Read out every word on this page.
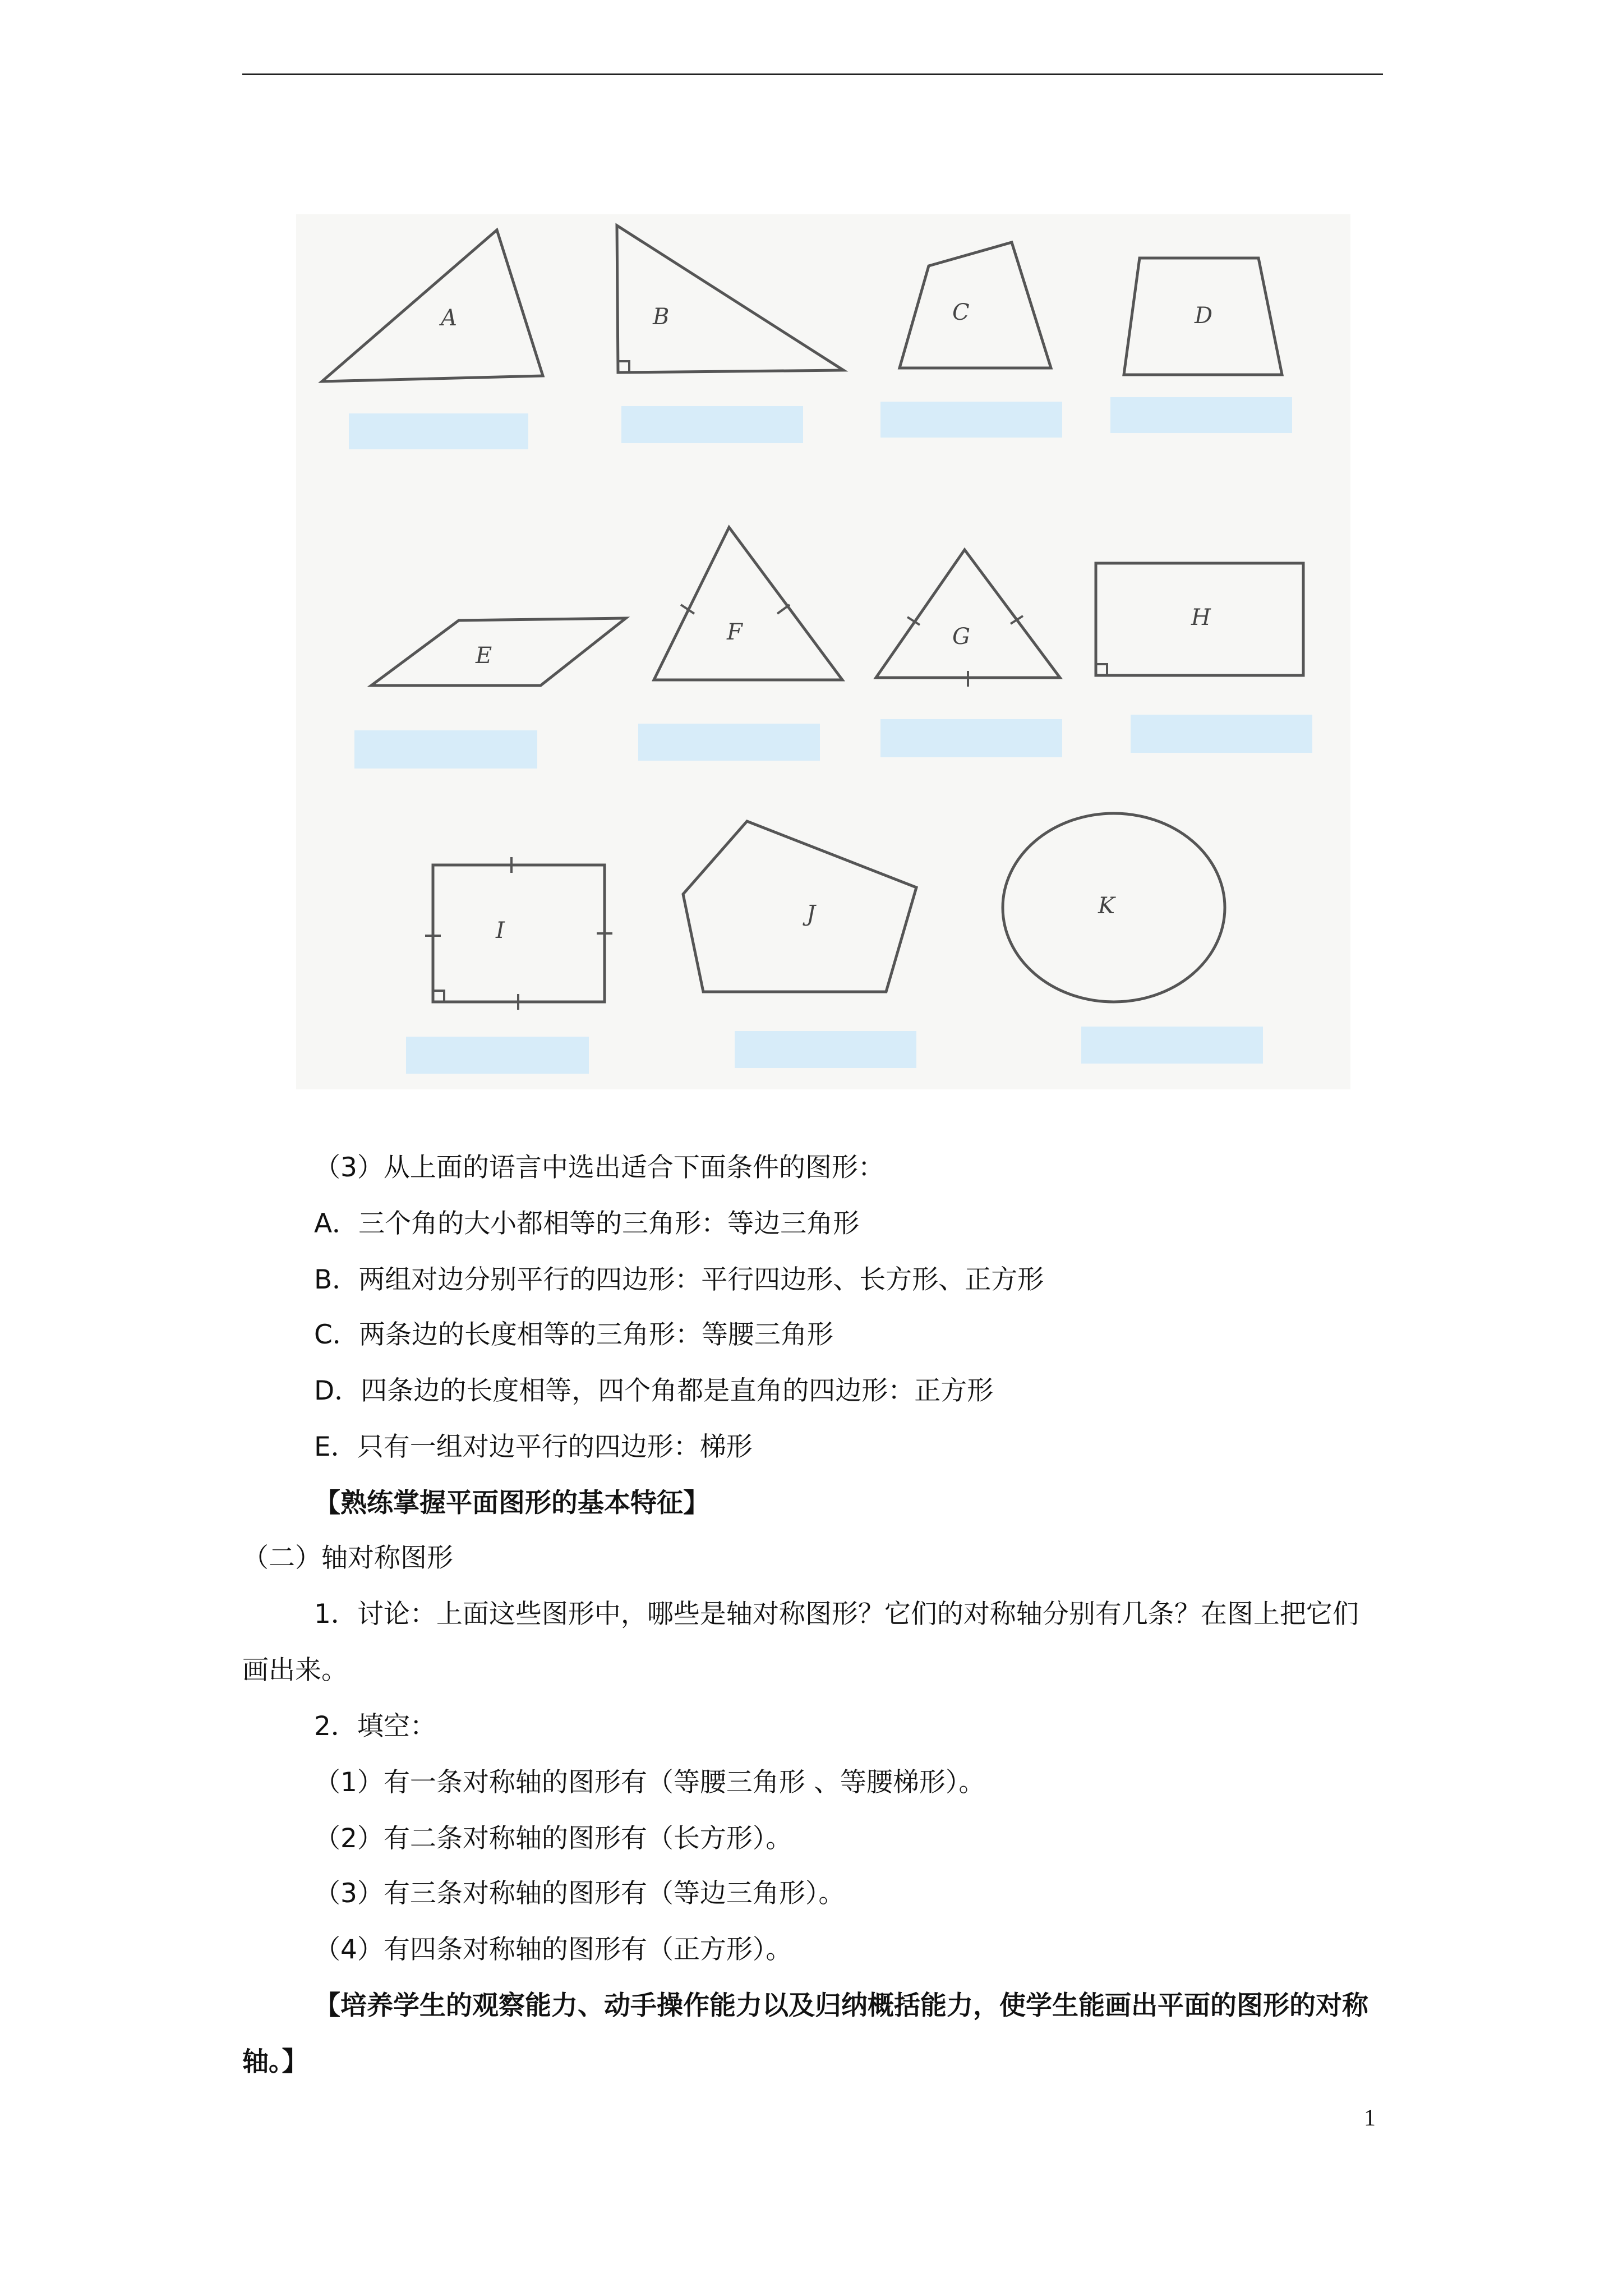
A	B	C	D
E
F	G
H
I
J	K
（3）从上面的语言中选出适合下面条件的图形：
A．三个角的大小都相等的三角形：等边三角形
B．两组对边分别平行的四边形：平行四边形、长方形、正方形
C．两条边的长度相等的三角形：等腰三角形
D．四条边的长度相等，四个角都是直角的四边形：正方形
E．只有一组对边平行的四边形：梯形
【熟练掌握平面图形的基本特征】
（二）轴对称图形
1．讨论：上面这些图形中，哪些是轴对称图形？它们的对称轴分别有几条？在图上把它们画出来。
2．填空：
（1）有一条对称轴的图形有（等腰三角形 、等腰梯形）。
（2）有二条对称轴的图形有（长方形）。
（3）有三条对称轴的图形有（等边三角形）。
（4）有四条对称轴的图形有（正方形）。
【培养学生的观察能力、动手操作能力以及归纳概括能力，使学生能画出平面的图形的对称轴。】
1
